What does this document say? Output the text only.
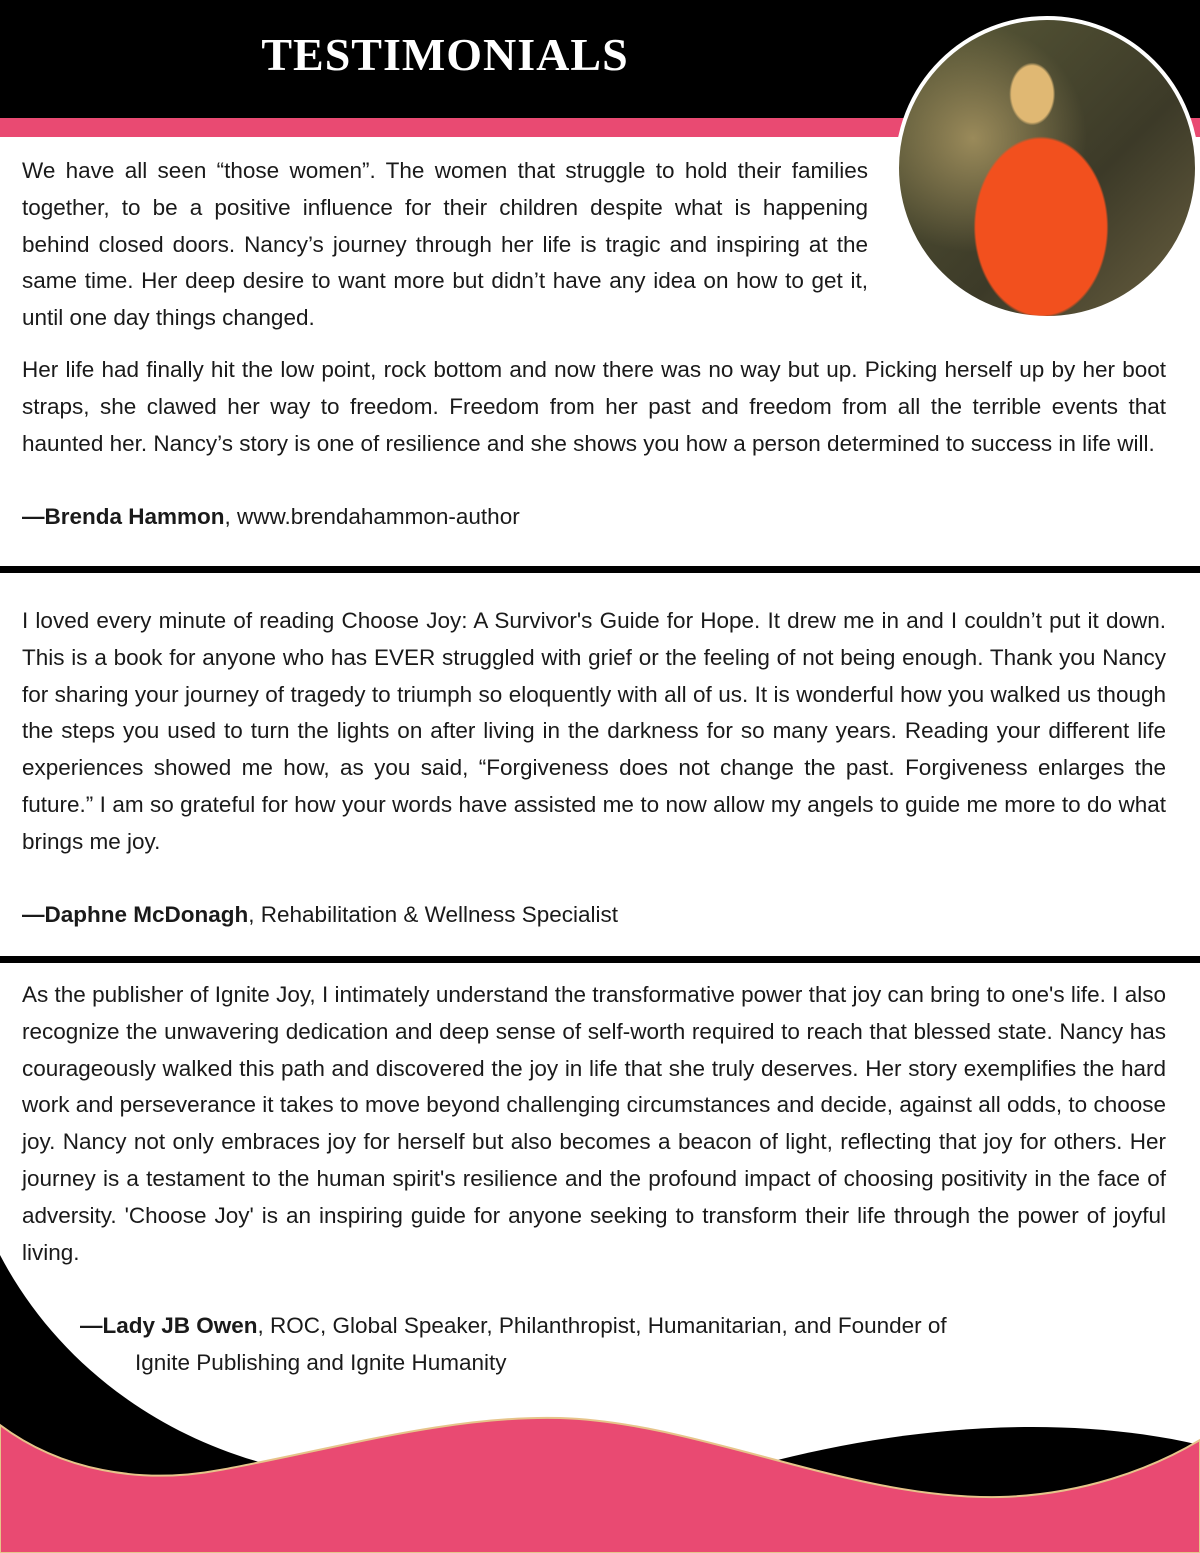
TESTIMONIALS

We have all seen “those women”. The women that struggle to hold their families together, to be a positive influence for their children despite what is happening behind closed doors. Nancy’s journey through her life is tragic and inspiring at the same time. Her deep desire to want more but didn’t have any idea on how to get it, until one day things changed.

Her life had finally hit the low point, rock bottom and now there was no way but up. Picking herself up by her boot straps, she clawed her way to freedom. Freedom from her past and freedom from all the terrible events that haunted her. Nancy’s story is one of resilience and she shows you how a person determined to success in life will.

—Brenda Hammon, www.brendahammon-author

I loved every minute of reading Choose Joy: A Survivor's Guide for Hope. It drew me in and I couldn’t put it down. This is a book for anyone who has EVER struggled with grief or the feeling of not being enough. Thank you Nancy for sharing your journey of tragedy to triumph so eloquently with all of us. It is wonderful how you walked us though the steps you used to turn the lights on after living in the darkness for so many years. Reading your different life experiences showed me how, as you said, “Forgiveness does not change the past. Forgiveness enlarges the future.” I am so grateful for how your words have assisted me to now allow my angels to guide me more to do what brings me joy.

—Daphne McDonagh, Rehabilitation & Wellness Specialist

As the publisher of Ignite Joy, I intimately understand the transformative power that joy can bring to one's life. I also recognize the unwavering dedication and deep sense of self-worth required to reach that blessed state. Nancy has courageously walked this path and discovered the joy in life that she truly deserves. Her story exemplifies the hard work and perseverance it takes to move beyond challenging circumstances and decide, against all odds, to choose joy. Nancy not only embraces joy for herself but also becomes a beacon of light, reflecting that joy for others. Her journey is a testament to the human spirit's resilience and the profound impact of choosing positivity in the face of adversity. 'Choose Joy' is an inspiring guide for anyone seeking to transform their life through the power of joyful living.

—Lady JB Owen, ROC, Global Speaker, Philanthropist, Humanitarian, and Founder of
Ignite Publishing and Ignite Humanity
